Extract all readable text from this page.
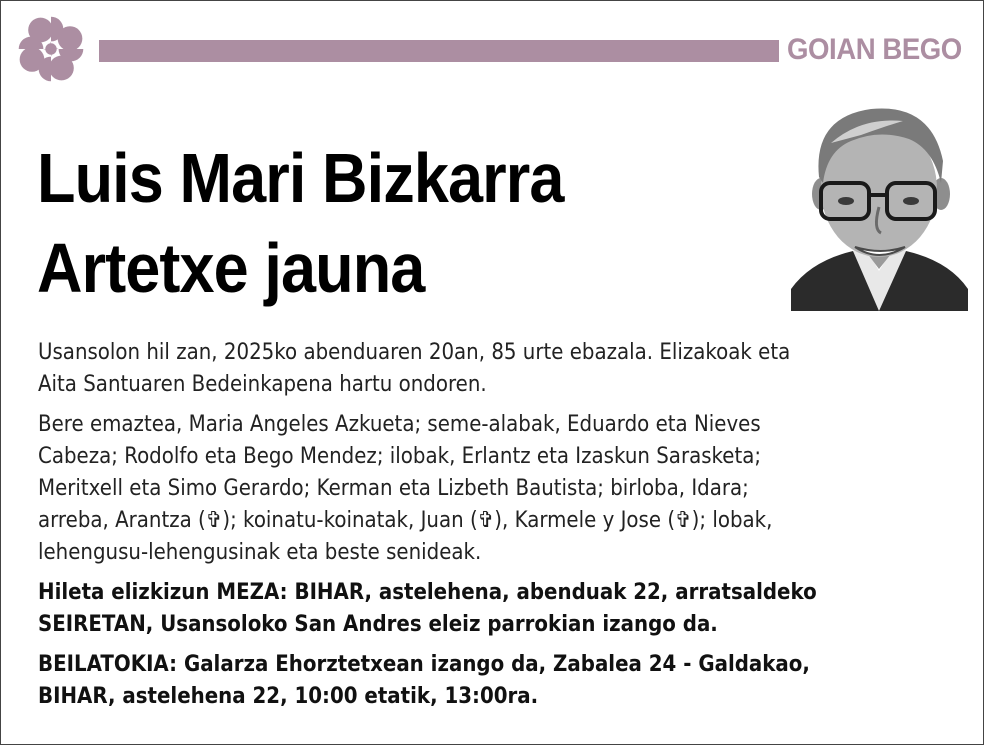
GOIAN BEGO
Luis Mari Bizkarra
Artetxe jauna

Usansolon hil zan, 2025ko abenduaren 20an, 85 urte ebazala. Elizakoak eta
Aita Santuaren Bedeinkapena hartu ondoren.

Bere emaztea, Maria Angeles Azkueta; seme-alabak, Eduardo eta Nieves
Cabeza; Rodolfo eta Bego Mendez; ilobak, Erlantz eta Izaskun Sarasketa;
Meritxell eta Simo Gerardo; Kerman eta Lizbeth Bautista; birloba, Idara;
arreba, Arantza (✞); koinatu-koinatak, Juan (✞), Karmele y Jose (✞); lobak,
lehengusu-lehengusinak eta beste senideak.

Hileta elizkizun MEZA: BIHAR, astelehena, abenduak 22, arratsaldeko
SEIRETAN, Usansoloko San Andres eleiz parrokian izango da.

BEILATOKIA: Galarza Ehorztetxean izango da, Zabalea 24 - Galdakao,
BIHAR, astelehena 22, 10:00 etatik, 13:00ra.
